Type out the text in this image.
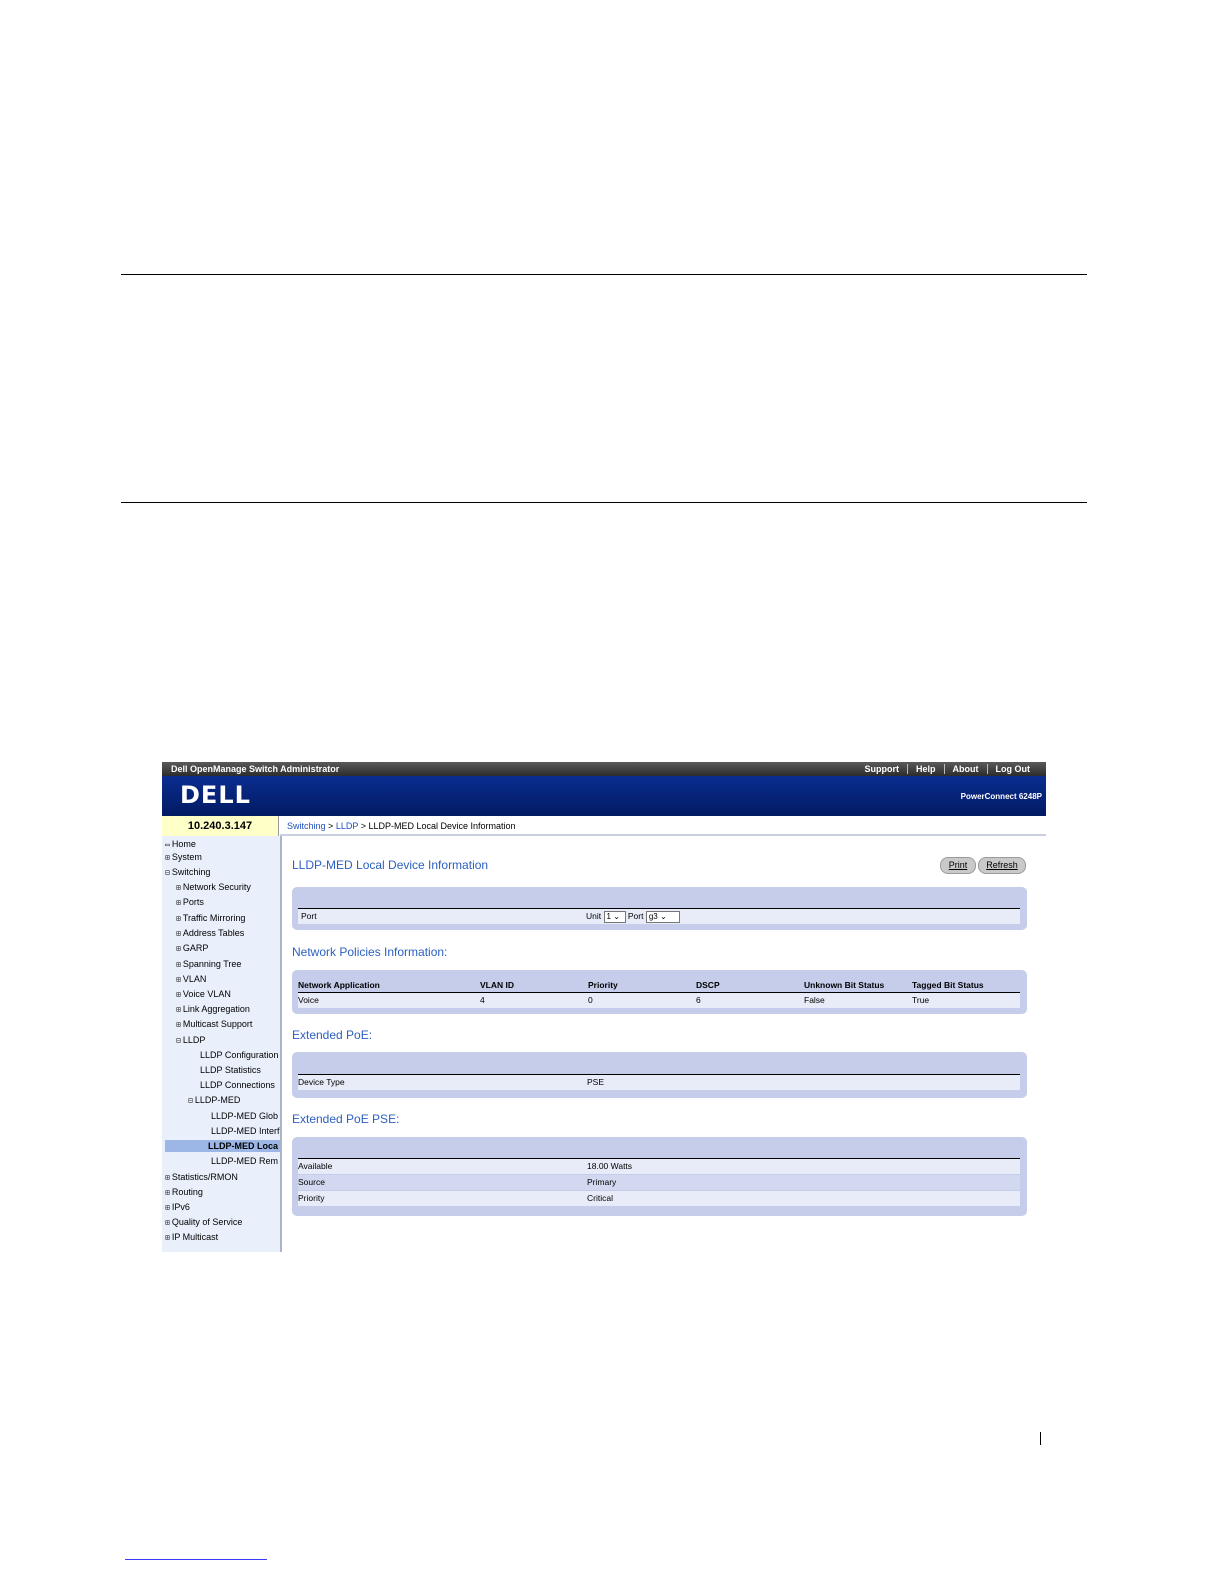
Dell OpenManage Switch Administrator	Support	Help	About	Log Out
DELL	PowerConnect 6248P
10.240.3.147	Switching > LLDP > LLDP-MED Local Device Information
▭ Home
⊞ System
⊟ Switching
⊞ Network Security
⊞ Ports
⊞ Traffic Mirroring
⊞ Address Tables
⊞ GARP
⊞ Spanning Tree
⊞ VLAN
⊞ Voice VLAN
⊞ Link Aggregation
⊞ Multicast Support
⊟ LLDP
LLDP Configuration
LLDP Statistics
LLDP Connections
⊟ LLDP-MED
LLDP-MED Glob
LLDP-MED Interf
LLDP-MED Loca
LLDP-MED Rem
⊞ Statistics/RMON
⊞ Routing
⊞ IPv6
⊞ Quality of Service
⊞ IP Multicast
LLDP-MED Local Device Information	Print	Refresh
Port	Unit 1 ⌄ Port g3 ⌄
Network Policies Information:
Network Application	VLAN ID	Priority	DSCP	Unknown Bit Status	Tagged Bit Status
Voice	4	0	6	False	True
Extended PoE:
Device Type	PSE
Extended PoE PSE:
Available	18.00 Watts
Source	Primary
Priority	Critical
